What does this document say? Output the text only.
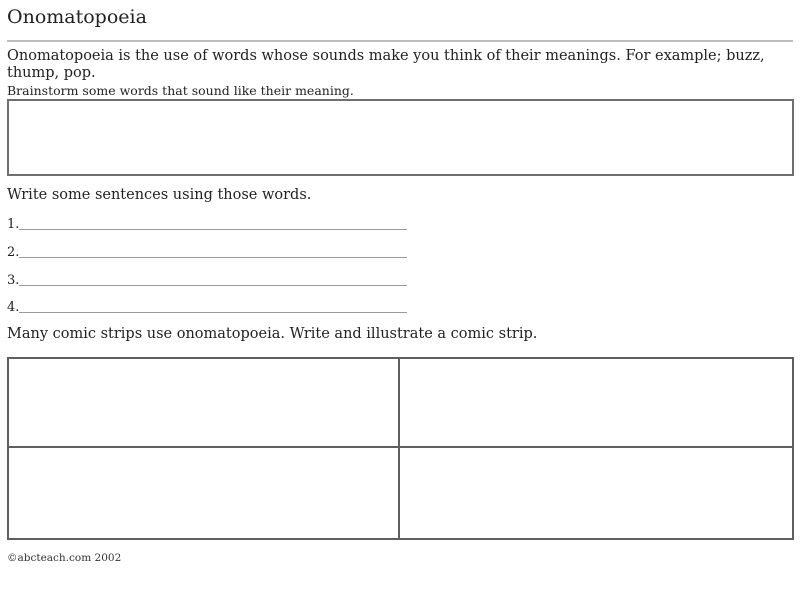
Onomatopoeia
Onomatopoeia is the use of words whose sounds make you think of their meanings. For example; buzz, thump, pop.
Brainstorm some words that sound like their meaning.
Write some sentences using those words.
1.
2.
3.
4.
Many comic strips use onomatopoeia. Write and illustrate a comic strip.
©abcteach.com 2002
